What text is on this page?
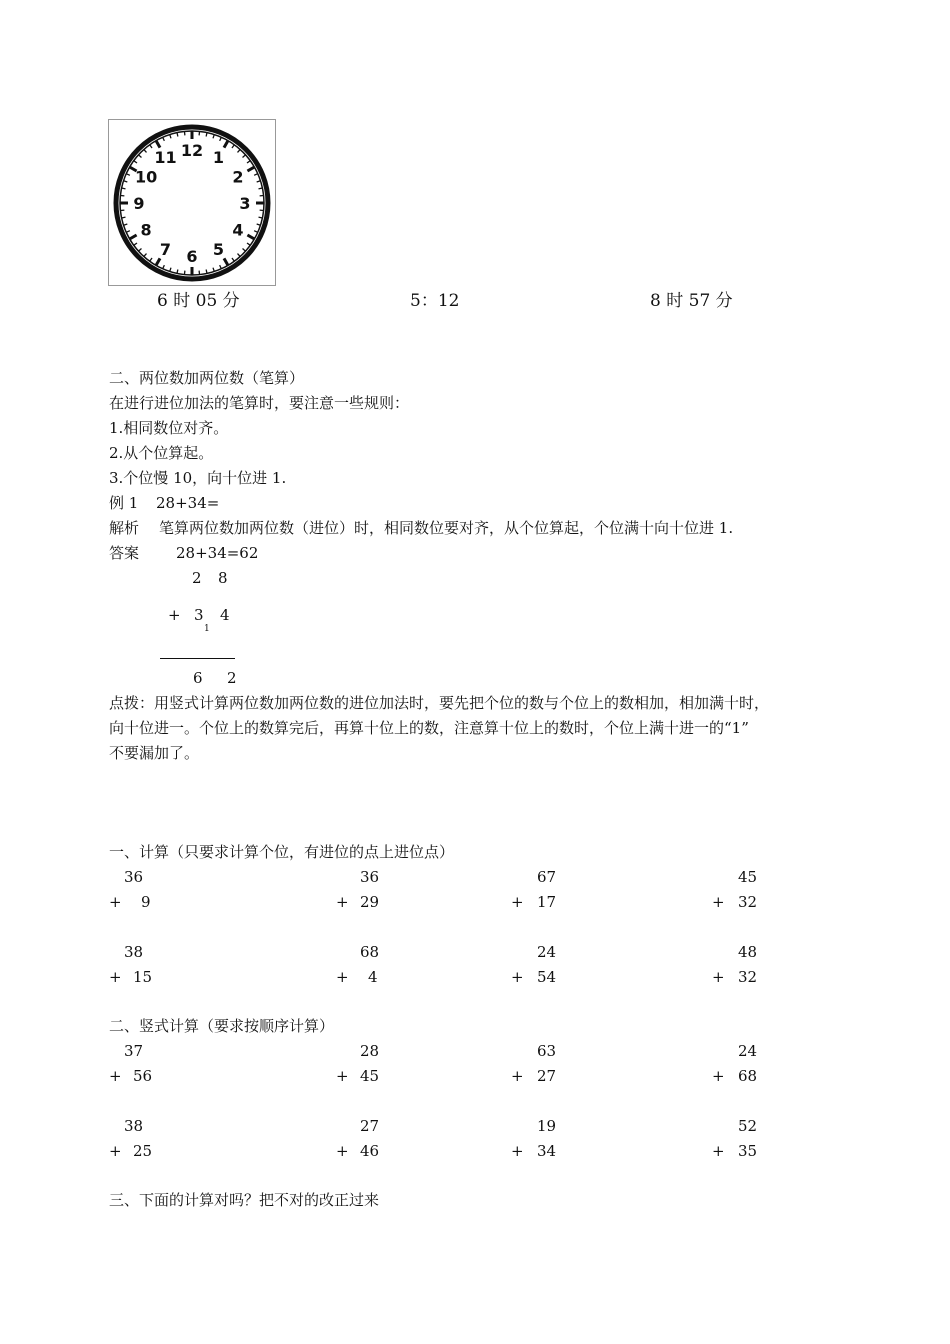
12 1
2
3
4
5
6
7
8
9
10
11
6 时 05 分	5：12	8 时 57 分
二、两位数加两位数（笔算）
在进行进位加法的笔算时，要注意一些规则：
1.相同数位对齐。
2.从个位算起。
3.个位慢 10，向十位进 1.
例 1 28+34=
解析 笔算两位数加两位数（进位）时，相同数位要对齐，从个位算起，个位满十向十位进 1.
答案 28+34=62
2 8
+ 3
1
4
6 2
点拨：用竖式计算两位数加两位数的进位加法时，要先把个位的数与个位上的数相加，相加满十时，
向十位进一。个位上的数算完后，再算十位上的数，注意算十位上的数时，个位上满十进一的“1”
不要漏加了。
一、计算（只要求计算个位，有进位的点上进位点）
36
+ 9
36
+ 29
67
+ 17
45
+ 32
38
+ 15
68
+ 4
24
+ 54
48
+ 32
二、竖式计算（要求按顺序计算）
37
+ 56
28
+ 45
63
+ 27
24
+ 68
38
+ 25
27
+ 46
19
+ 34
52
+ 35
三、下面的计算对吗？把不对的改正过来
